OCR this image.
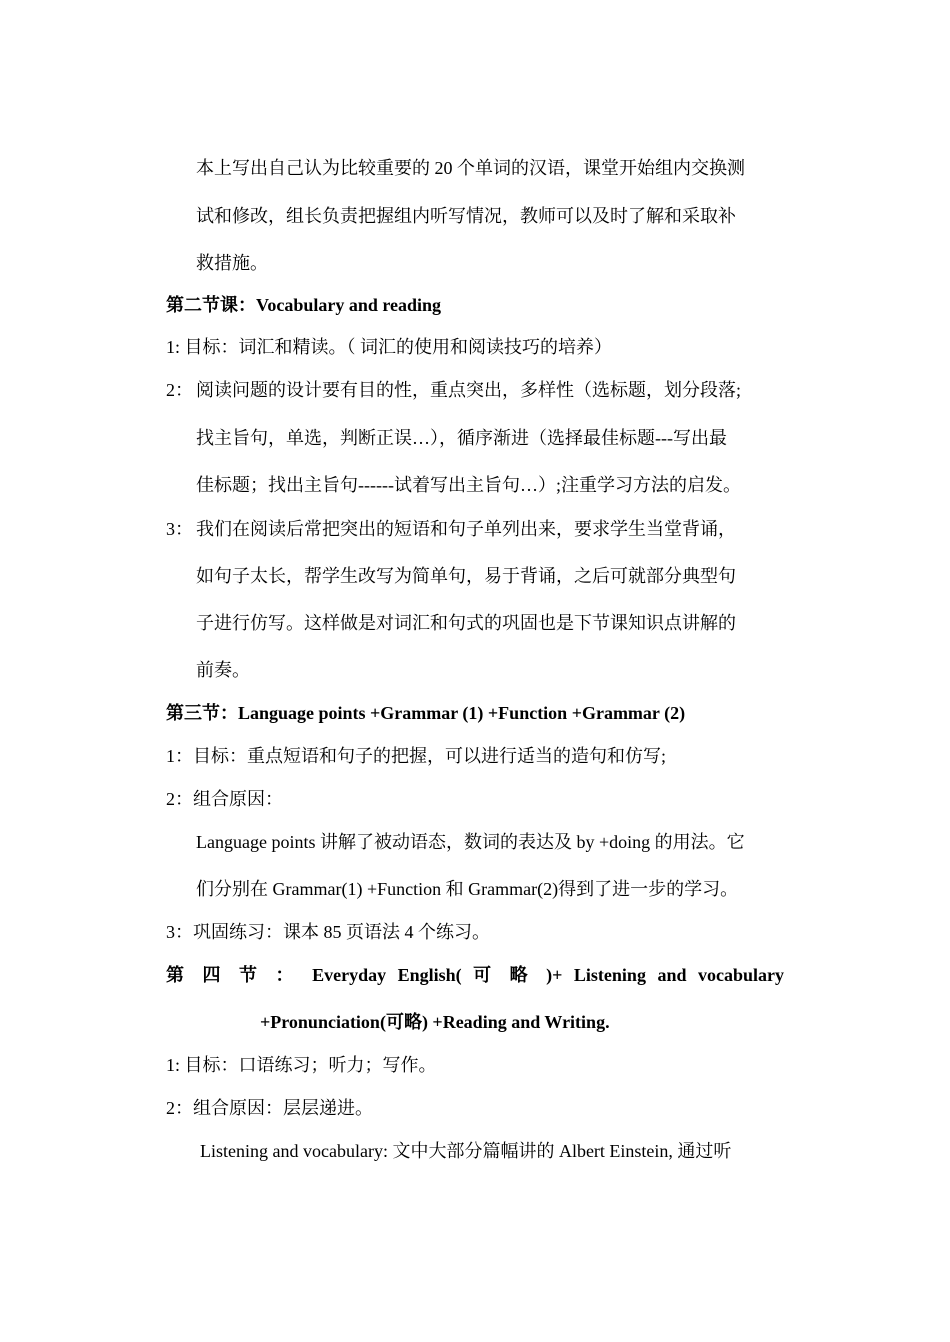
本上写出自己认为比较重要的 20 个单词的汉语，课堂开始组内交换测
试和修改，组长负责把握组内听写情况，教师可以及时了解和采取补
救措施。
第二节课：Vocabulary and reading
1: 目标：词汇和精读。（ 词汇的使用和阅读技巧的培养）
2： 阅读问题的设计要有目的性，重点突出，多样性（选标题，划分段落;
找主旨句，单选，判断正误…），循序渐进（选择最佳标题---写出最
佳标题；找出主旨句------试着写出主旨句…）;注重学习方法的启发。
3： 我们在阅读后常把突出的短语和句子单列出来，要求学生当堂背诵，
如句子太长，帮学生改写为简单句，易于背诵，之后可就部分典型句
子进行仿写。这样做是对词汇和句式的巩固也是下节课知识点讲解的
前奏。
第三节：Language points +Grammar (1) +Function +Grammar (2)
1：目标：重点短语和句子的把握，可以进行适当的造句和仿写;
2：组合原因：
Language points 讲解了被动语态，数词的表达及 by +doing 的用法。它
们分别在 Grammar(1) +Function 和 Grammar(2)得到了进一步的学习。
3：巩固练习：课本 85 页语法 4 个练习。
第 四 节 ： Everyday English( 可 略 )+ Listening and vocabulary
+Pronunciation(可略) +Reading and Writing.
1: 目标：口语练习；听力；写作。
2：组合原因：层层递进。
Listening and vocabulary: 文中大部分篇幅讲的 Albert Einstein, 通过听
